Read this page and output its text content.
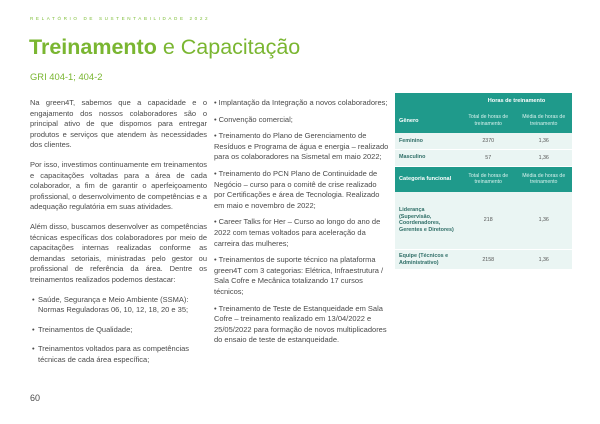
RELATÓRIO DE SUSTENTABILIDADE 2022
Treinamento e Capacitação
GRI 404-1; 404-2

Na green4T, sabemos que a capacidade e o engajamento dos nossos colaboradores são o principal ativo de que dispomos para entregar produtos e serviços que atendem às necessidades dos clientes.

Por isso, investimos continuamente em treinamentos e capacitações voltadas para a área de cada colaborador, a fim de garantir o aperfeiçoamento profissional, o desenvolvimento de competências e a adequação regulatória em suas atividades.

Além disso, buscamos desenvolver as competências técnicas específicas dos colaboradores por meio de capacitações internas realizadas conforme as demandas setoriais, ministradas pelo gestor ou profissional de referência da área. Dentre os treinamentos realizados podemos destacar:

• Saúde, Segurança e Meio Ambiente (SSMA): Normas Reguladoras 06, 10, 12, 18, 20 e 35;
• Treinamentos de Qualidade;
• Treinamentos voltados para as competências técnicas de cada área específica;
• Implantação da Integração a novos colaboradores;
• Convenção comercial;
• Treinamento do Plano de Gerenciamento de Resíduos e Programa de água e energia – realizado para os colaboradores na Sismetal em maio 2022;
• Treinamento do PCN Plano de Continuidade de Negócio – curso para o comitê de crise realizado por Certificações e área de Tecnologia. Realizado em maio e novembro de 2022;
• Career Talks for Her – Curso ao longo do ano de 2022 com temas voltados para aceleração da carreira das mulheres;
• Treinamentos de suporte técnico na plataforma green4T com 3 categorias: Elétrica, Infraestrutura / Sala Cofre e Mecânica totalizando 17 cursos técnicos;
• Treinamento de Teste de Estanqueidade em Sala Cofre – treinamento realizado em 13/04/2022 e 25/05/2022 para formação de novos multiplicadores do ensaio de teste de estanqueidade.
	Horas de treinamento	
Gênero	Total de horas de treinamento	Média de horas de treinamento
Feminino	2370	1,36
Masculino	57	1,36
Categoria funcional	Total de horas de treinamento	Média de horas de treinamento
Liderança (Supervisão, Coordenadores, Gerentes e Diretores)	218	1,36
Equipe (Técnicos e Administrativo)	2158	1,36
60
